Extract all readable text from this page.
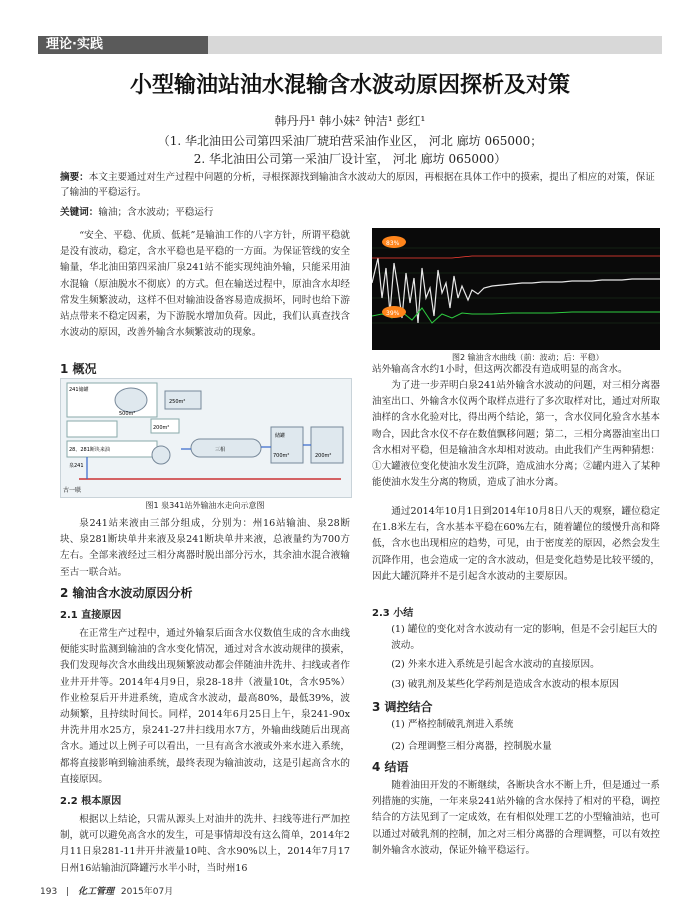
理论·实践
小型输油站油水混输含水波动原因探析及对策
韩丹丹¹ 韩小妹² 钟洁¹ 彭红¹
（1. 华北油田公司第四采油厂琥珀营采油作业区， 河北 廊坊 065000；
2. 华北油田公司第一采油厂设计室， 河北 廊坊 065000）
摘要：本文主要通过对生产过程中问题的分析，寻根探源找到输油含水波动大的原因，再根据在具体工作中的摸索，提出了相应的对策，保证了输油的平稳运行。
关键词：输油；含水波动；平稳运行

“安全、平稳、优质、低耗”是输油工作的八字方针，所谓平稳就是没有波动，稳定，含水平稳也是平稳的一方面。为保证管线的安全输量，华北油田第四采油厂泉241站不能实现纯油外输，只能采用油水混输（原油脱水不彻底）的方式。但在输送过程中，原油含水却经常发生频繁波动，这样不但对输油设备容易造成损坏，同时也给下游站点带来不稳定因素，为下游脱水增加负荷。因此，我们认真查找含水波动的原因，改善外输含水频繁波动的现象。

1 概况
241储罐
500m²
250m²
200m²
28、281断块来油
泉241
三相
储罐
古一联
700m²	200m²
图1 泉341站外输油水走向示意图

泉241站来液由三部分组成，分别为：州16站输油、泉28断块、泉281断块单井来液及泉241断块单井来液，总液量约为700方左右。全部来液经过三相分离器时脱出部分污水，其余油水混合液输至古一联合站。

2 输油含水波动原因分析
2.1 直接原因

在正常生产过程中，通过外输泵后面含水仪数值生成的含水曲线便能实时监测到输油的含水变化情况，通过对含水波动规律的摸索，我们发现每次含水曲线出现频繁波动都会伴随油井洗井、扫线或者作业井开井等。2014年4月9日，泉28-18井（液量10t，含水95%）作业检泵后开井进系统，造成含水波动，最高80%，最低39%，波动频繁，且持续时间长。同样，2014年6月25日上午，泉241-90x井洗井用水25方，泉241-27井扫线用水7方，外输曲线随后出现高含水。通过以上例子可以看出，一旦有高含水液或外来水进入系统，都将直接影响到输油系统，最终表现为输油波动，这是引起高含水的直接原因。

2.2 根本原因

根据以上结论，只需从源头上对油井的洗井、扫线等进行严加控制，就可以避免高含水的发生，可是事情却没有这么简单，2014年2月11日泉281-11井开井液量10吨、含水90%以上，2014年7月17日州16站输油沉降罐污水半小时，当时州16

83%
39%
图2 输油含水曲线（前：波动；后：平稳）
站外输高含水约1小时，但这两次都没有造成明显的高含水。

为了进一步弄明白泉241站外输含水波动的问题，对三相分离器油室出口、外输含水仪两个取样点进行了多次取样对比，通过对所取油样的含水化验对比，得出两个结论，第一，含水仪同化验含水基本吻合，因此含水仪不存在数值飘移问题；第二，三相分离器油室出口含水相对平稳，但是输油含水却相对波动。由此我们产生两种猜想：①大罐液位变化使油水发生沉降，造成油水分离；②罐内进入了某种能使油水发生分离的物质，造成了油水分离。

通过2014年10月1日到2014年10月8日八天的观察，罐位稳定在1.8米左右，含水基本平稳在60%左右，随着罐位的缓慢升高和降低，含水也出现相应的趋势，可见，由于密度差的原因，必然会发生沉降作用，也会造成一定的含水波动，但是变化趋势是比较平缓的，因此大罐沉降并不是引起含水波动的主要原因。

2.3 小结
(1) 罐位的变化对含水波动有一定的影响，但是不会引起巨大的波动。
(2) 外来水进入系统是引起含水波动的直接原因。
(3) 破乳剂及某些化学药剂是造成含水波动的根本原因
3 调控结合
(1) 严格控制破乳剂进入系统
(2) 合理调整三相分离器，控制脱水量
4 结语

随着油田开发的不断继续，各断块含水不断上升，但是通过一系列措施的实施，一年来泉241站外输的含水保持了相对的平稳，调控结合的方法见到了一定成效，在有相似处理工艺的小型输油站，也可以通过对破乳剂的控制，加之对三相分离器的合理调整，可以有效控制外输含水波动，保证外输平稳运行。

193 | 化工管理 2015年07月
